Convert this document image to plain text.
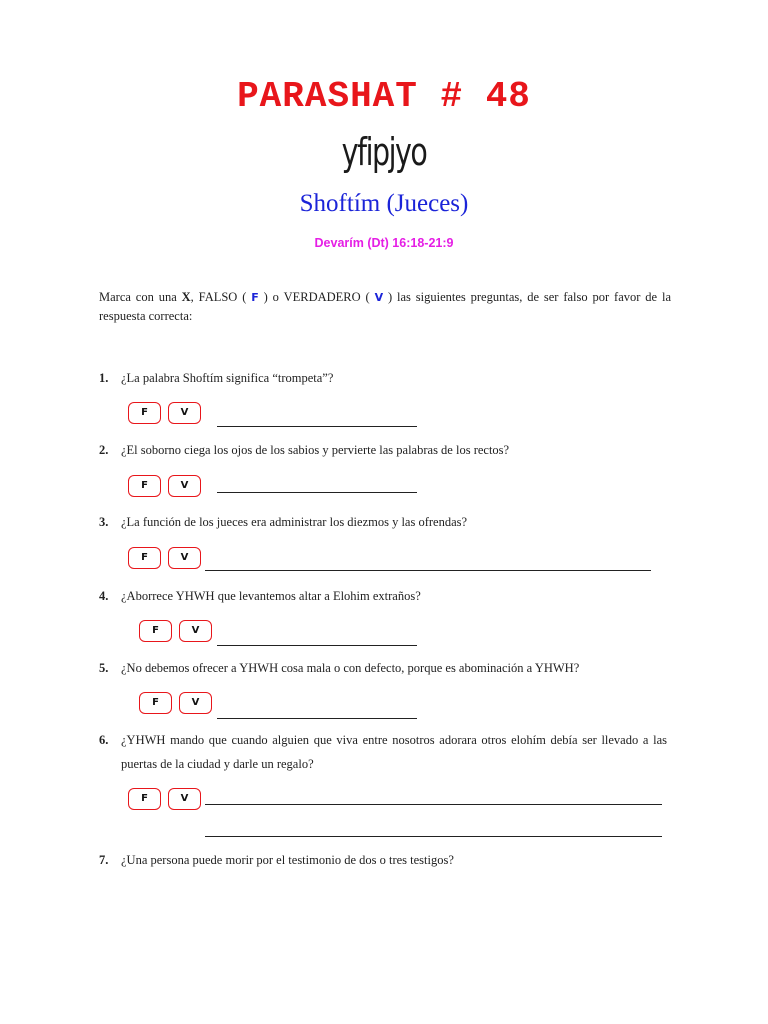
PARASHAT # 48
yfipjyo
Shoftím (Jueces)
Devarím (Dt) 16:18-21:9
Marca con una X, FALSO ( F ) o VERDADERO ( V ) las siguientes preguntas, de ser falso por favor de la respuesta correcta:
1. ¿La palabra Shoftím significa “trompeta”?
F	V
2. ¿El soborno ciega los ojos de los sabios y pervierte las palabras de los rectos?
F	V
3. ¿La función de los jueces era administrar los diezmos y las ofrendas?
F	V
4. ¿Aborrece YHWH que levantemos altar a Elohim extraños?
F	V
5. ¿No debemos ofrecer a YHWH cosa mala o con defecto, porque es abominación a YHWH?
F	V
6. ¿YHWH mando que cuando alguien que viva entre nosotros adorara otros elohím debía ser llevado a las puertas de la ciudad y darle un regalo?
F	V
7. ¿Una persona puede morir por el testimonio de dos o tres testigos?
